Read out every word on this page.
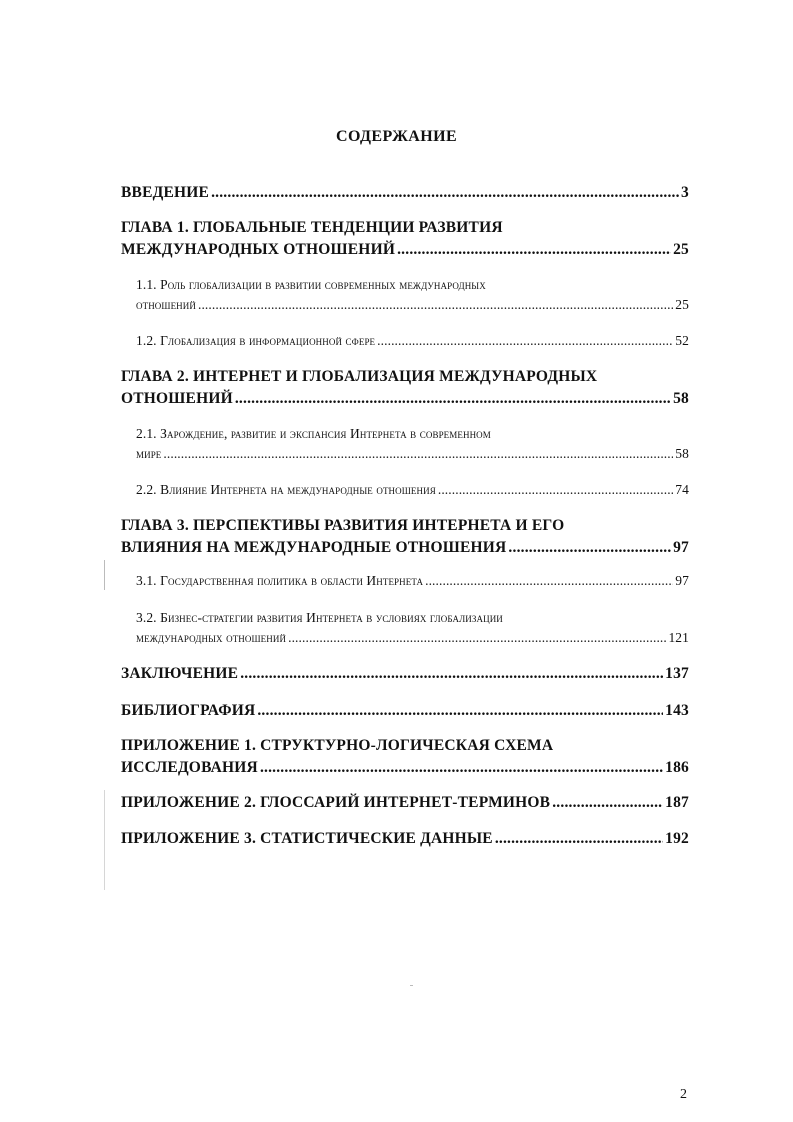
СОДЕРЖАНИЕ
ВВЕДЕНИЕ .....	3
ГЛАВА 1. ГЛОБАЛЬНЫЕ ТЕНДЕНЦИИ РАЗВИТИЯ
МЕЖДУНАРОДНЫХ ОТНОШЕНИЙ .....	25
1.1. Роль глобализации в развитии современных международных
отношений .....	25
1.2. Глобализация в информационной сфере .....	52
ГЛАВА 2. ИНТЕРНЕТ И ГЛОБАЛИЗАЦИЯ МЕЖДУНАРОДНЫХ
ОТНОШЕНИЙ .....	58
2.1. Зарождение, развитие и экспансия Интернета в современном
мире .....	58
2.2. Влияние Интернета на международные отношения .....	74
ГЛАВА 3. ПЕРСПЕКТИВЫ РАЗВИТИЯ ИНТЕРНЕТА И ЕГО
ВЛИЯНИЯ НА МЕЖДУНАРОДНЫЕ ОТНОШЕНИЯ .....	97
3.1. Государственная политика в области Интернета .....	97
3.2. Бизнес-стратегии развития Интернета в условиях глобализации
международных отношений .....	121
ЗАКЛЮЧЕНИЕ .....	137
БИБЛИОГРАФИЯ .....	143
ПРИЛОЖЕНИЕ 1. СТРУКТУРНО-ЛОГИЧЕСКАЯ СХЕМА
ИССЛЕДОВАНИЯ .....	186
ПРИЛОЖЕНИЕ 2. ГЛОССАРИЙ ИНТЕРНЕТ-ТЕРМИНОВ .....	187
ПРИЛОЖЕНИЕ 3. СТАТИСТИЧЕСКИЕ ДАННЫЕ .....	192
2
